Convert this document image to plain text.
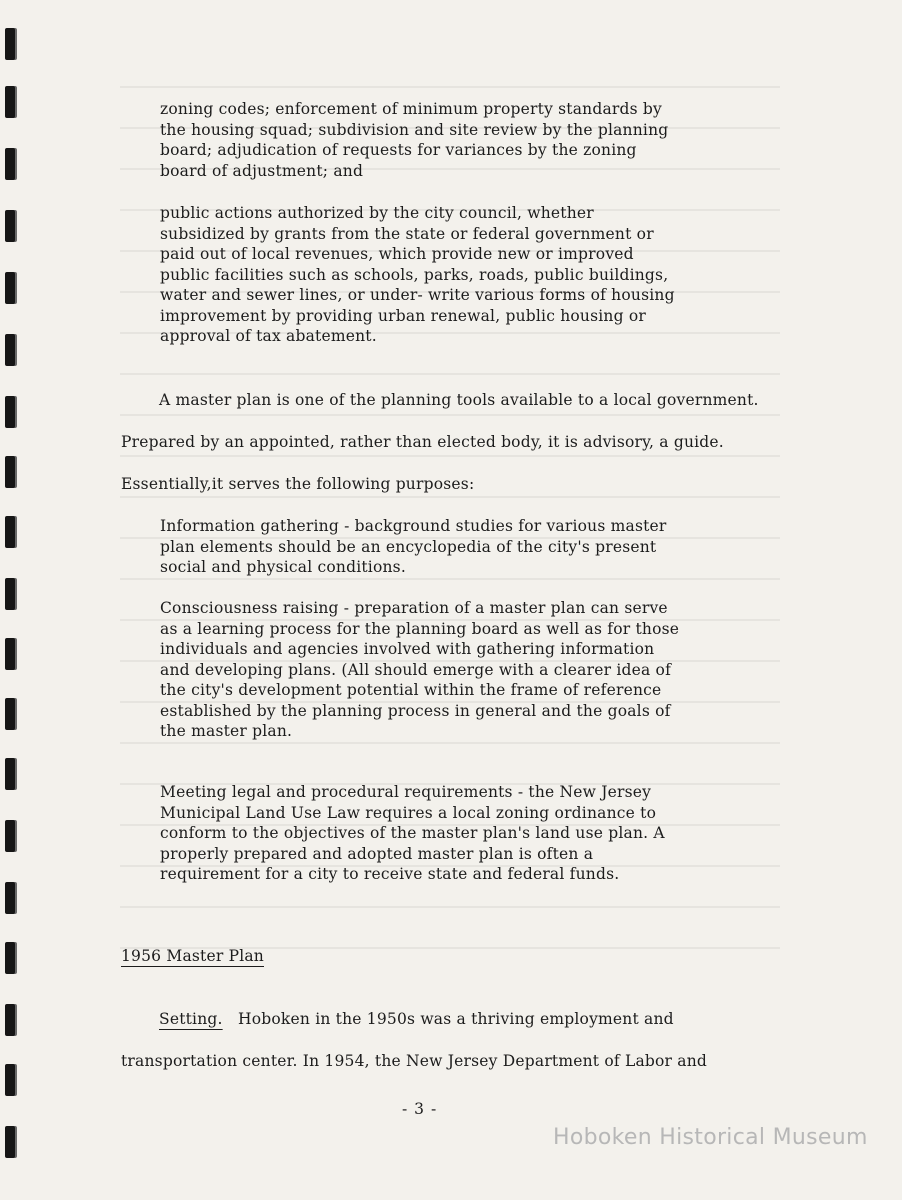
zoning codes; enforcement of minimum property standards by the housing squad; subdivision and site review by the planning board; adjudication of requests for variances by the zoning board of adjustment; and
public actions authorized by the city council, whether subsidized by grants from the state or federal government or paid out of local revenues, which provide new or improved public facilities such as schools, parks, roads, public buildings, water and sewer lines, or under- write various forms of housing improvement by providing urban renewal, public housing or approval of tax abatement.
A master plan is one of the planning tools available to a local government. Prepared by an appointed, rather than elected body, it is advisory, a guide. Essentially,it serves the following purposes:
Information gathering - background studies for various master plan elements should be an encyclopedia of the city's present social and physical conditions.
Consciousness raising - preparation of a master plan can serve as a learning process for the planning board as well as for those individuals and agencies involved with gathering information and developing plans. (All should emerge with a clearer idea of the city's development potential within the frame of reference established by the planning process in general and the goals of the master plan.
Meeting legal and procedural requirements - the New Jersey Municipal Land Use Law requires a local zoning ordinance to conform to the objectives of the master plan's land use plan. A properly prepared and adopted master plan is often a requirement for a city to receive state and federal funds.
1956 Master Plan
Setting. Hoboken in the 1950s was a thriving employment and transportation center. In 1954, the New Jersey Department of Labor and
- 3 -
Hoboken Historical Museum
